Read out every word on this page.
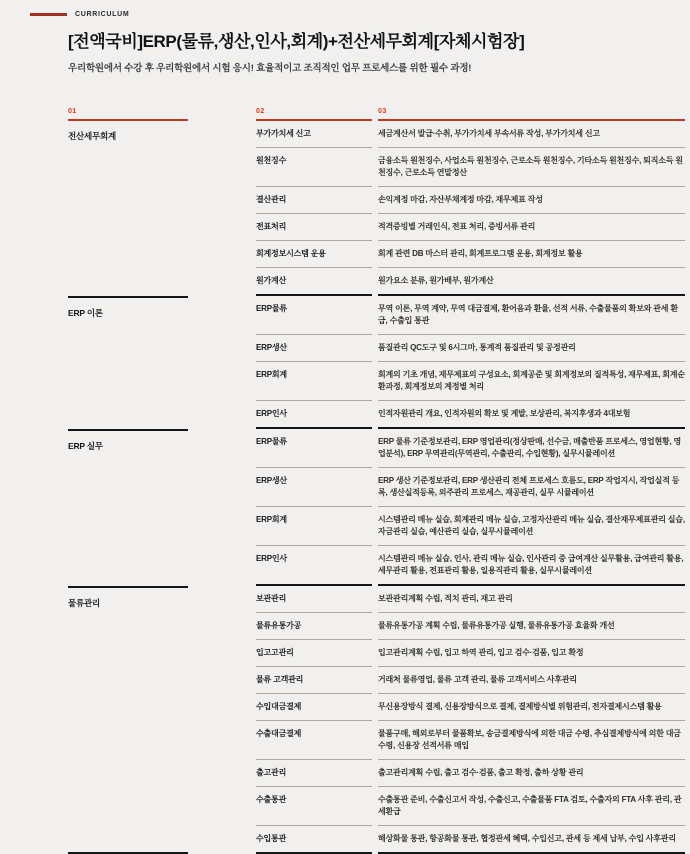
CURRICULUM
[전액국비]ERP(물류,생산,인사,회계)+전산세무회계[자체시험장]

우리학원에서 수강 후 우리학원에서 시험 응시! 효율적이고 조직적인 업무 프로세스를 위한 필수 과정!

01	02	03
전산세무회계	부가가치세 신고	세금계산서 발급·수취, 부가가치세 부속서류 작성, 부가가치세 신고
원천징수	금융소득 원천징수, 사업소득 원천징수, 근로소득 원천징수, 기타소득 원천징수, 퇴직소득 원천징수, 근로소득 연말정산
결산관리	손익계정 마감, 자산부채계정 마감, 재무제표 작성
전표처리	적격증빙별 거래인식, 전표 처리, 증빙서류 관리
회계정보시스템 운용	회계 관련 DB 마스터 관리, 회계프로그램 운용, 회계정보 활용
원가계산	원가요소 분류, 원가배부, 원가계산
ERP 이론	ERP물류	무역 이론, 무역 계약, 무역 대금결제, 환어음과 환율, 선적 서류, 수출물품의 확보와 관세 환급, 수출입 통관
ERP생산	품질관리 QC도구 및 6시그마, 통계적 품질관리 및 공정관리
ERP회계	회계의 기초 개념, 재무제표의 구성요소, 회계공준 및 회계정보의 질적특성, 재무제표, 회계순환과정, 회계정보의 계정별 처리
ERP인사	인적자원관리 개요, 인적자원의 확보 및 계발, 보상관리, 복지후생과 4대보험
ERP 실무	ERP물류	ERP 물류 기준정보관리, ERP 영업관리(정상판매, 선수금, 매출반품 프로세스, 영업현황, 영업분석), ERP 무역관리(무역관리, 수출관리, 수입현황), 실무시뮬레이션
ERP생산	ERP 생산 기준정보관리, ERP 생산관리 전체 프로세스 흐름도, ERP 작업지시, 작업실적 등록, 생산실적등록, 외주관리 프로세스, 재공관리, 실무 시뮬레이션
ERP회계	시스템관리 메뉴 실습, 회계관리 메뉴 실습, 고정자산관리 메뉴 실습, 결산재무제표관리 실습, 자금관리 실습, 예산관리 실습, 실무시뮬레이션
ERP인사	시스템관리 메뉴 실습, 인사, 관리 메뉴 실습, 인사관리 중 급여계산 실무활용, 급여관리 활용, 세무관리 활용, 전표관리 활용, 일용직관리 활용, 실무시뮬레이션
물류관리	보관관리	보관관리계획 수립, 적치 관리, 재고 관리
물류유통가공	물류유통가공 계획 수립, 물류유통가공 실행, 물류유통가공 효율화 개선
입고고관리	입고관리계획 수립, 입고 하역 관리, 입고 검수·검품, 입고 확정
물류 고객관리	거래처 물류영업, 물류 고객 관리, 물류 고객서비스 사후관리
수입대금결제	무신용장방식 결제, 신용장방식으로 결제, 결제방식별 위험관리, 전자결제시스템 활용
수출대금결제	물품구매, 해외로부터 물품확보, 송금결제방식에 의한 대금 수령, 추심결제방식에 의한 대금수령, 신용장 선적서류 매입
출고관리	출고관리계획 수립, 출고 검수·검품, 출고 확정, 출하 상황 관리
수출통관	수출통관 준비, 수출신고서 작성, 수출신고, 수출물품 FTA 검토, 수출자의 FTA 사후 관리, 관세환급
수입통관	해상화물 통관, 항공화물 통관, 협정관세 혜택, 수입신고, 관세 등 제세 납부, 수입 사후관리
